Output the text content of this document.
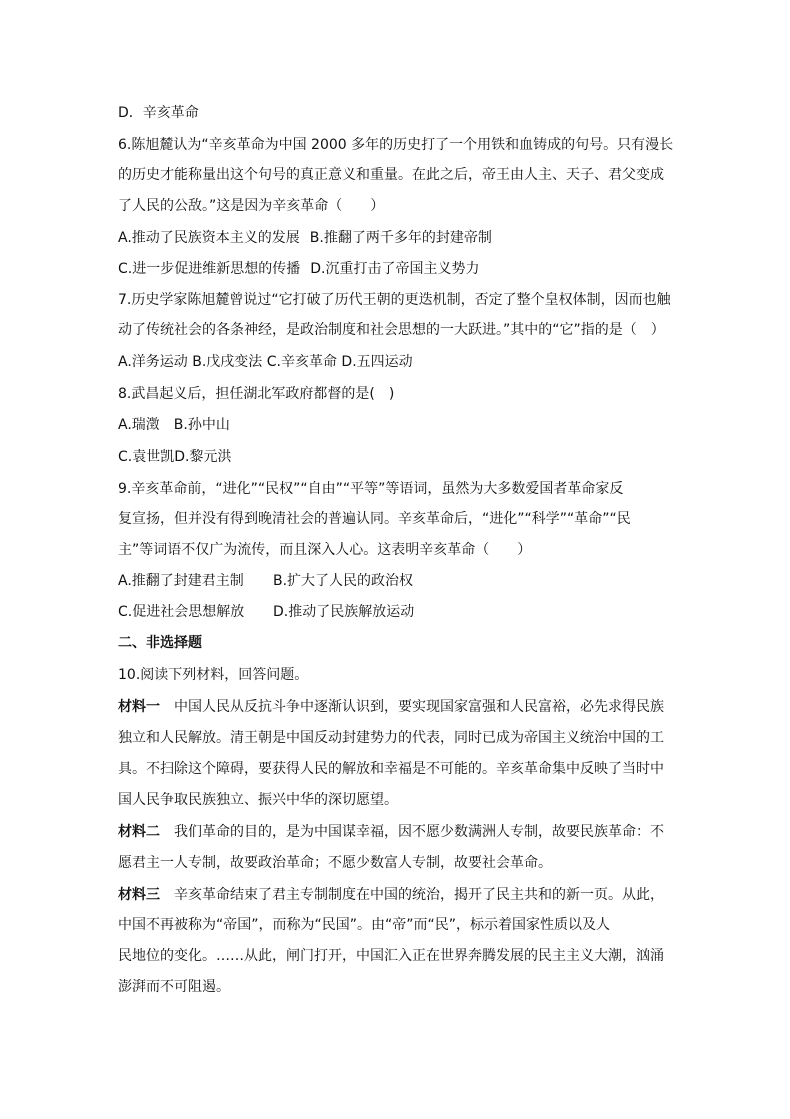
D．辛亥革命
6.陈旭麓认为“辛亥革命为中国 2000 多年的历史打了一个用铁和血铸成的句号。只有漫长
的历史才能称量出这个句号的真正意义和重量。在此之后，帝王由人主、天子、君父变成
了人民的公敌。”这是因为辛亥革命（　　）
A.推动了民族资本主义的发展 B.推翻了两千多年的封建帝制
C.进一步促进维新思想的传播 D.沉重打击了帝国主义势力
7.历史学家陈旭麓曾说过“它打破了历代王朝的更迭机制，否定了整个皇权体制，因而也触
动了传统社会的各条神经，是政治制度和社会思想的一大跃进。”其中的“它”指的是（　）
A.洋务运动 B.戊戌变法 C.辛亥革命 D.五四运动
8.武昌起义后，担任湖北军政府都督的是(　)
A.瑞澂　B.孙中山
C.袁世凯D.黎元洪
9.辛亥革命前，“进化”“民权”“自由”“平等”等语词，虽然为大多数爱国者革命家反
复宣扬，但并没有得到晚清社会的普遍认同。辛亥革命后，“进化”“科学”“革命”“民
主”等词语不仅广为流传，而且深入人心。这表明辛亥革命（　　）
A.推翻了封建君主制 B.扩大了人民的政治权
C.促进社会思想解放 D.推动了民族解放运动
二、非选择题
10.阅读下列材料，回答问题。
材料一　中国人民从反抗斗争中逐渐认识到，要实现国家富强和人民富裕，必先求得民族
独立和人民解放。清王朝是中国反动封建势力的代表，同时已成为帝国主义统治中国的工
具。不扫除这个障碍，要获得人民的解放和幸福是不可能的。辛亥革命集中反映了当时中
国人民争取民族独立、振兴中华的深切愿望。
材料二　我们革命的目的，是为中国谋幸福，因不愿少数满洲人专制，故要民族革命：不
愿君主一人专制，故要政治革命；不愿少数富人专制，故要社会革命。
材料三　辛亥革命结束了君主专制制度在中国的统治，揭开了民主共和的新一页。从此，
中国不再被称为“帝国”，而称为“民国”。由“帝”而“民”，标示着国家性质以及人
民地位的变化。……从此，闸门打开，中国汇入正在世界奔腾发展的民主主义大潮，汹涌
澎湃而不可阻遏。
